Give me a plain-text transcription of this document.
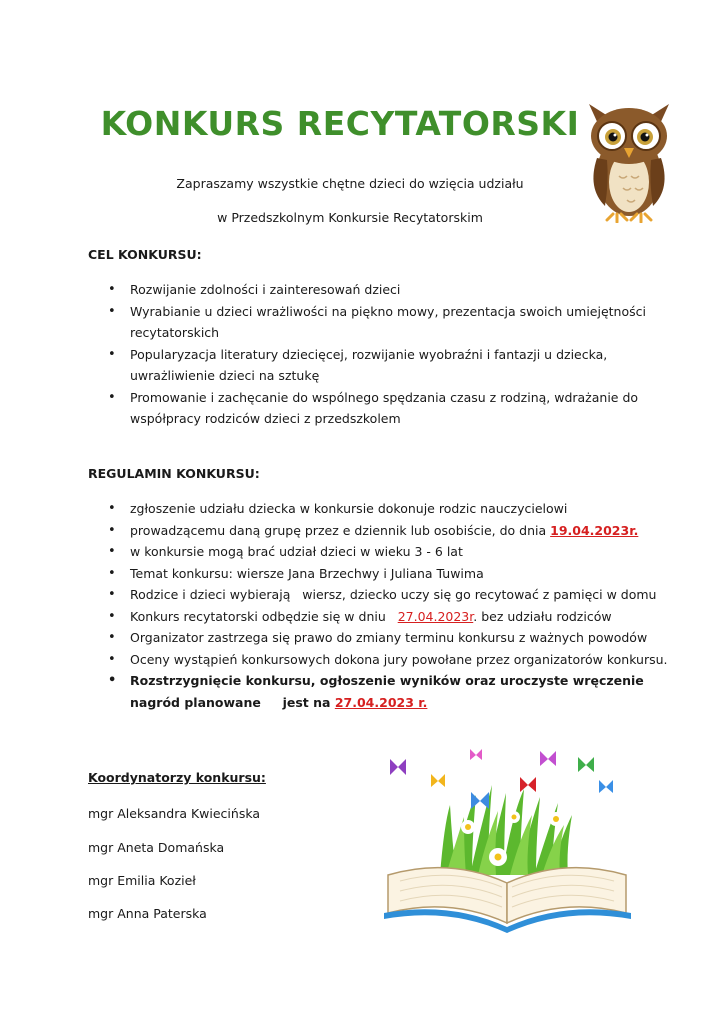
KONKURS RECYTATORSKI
Zapraszamy wszystkie chętne dzieci do wzięcia udziału
w Przedszkolnym Konkursie Recytatorskim
CEL KONKURSU:
• Rozwijanie zdolności i zainteresowań dzieci
• Wyrabianie u dzieci wrażliwości na piękno mowy, prezentacja swoich umiejętności recytatorskich
• Popularyzacja literatury dziecięcej, rozwijanie wyobraźni i fantazji u dziecka, uwrażliwienie dzieci na sztukę
• Promowanie i zachęcanie do wspólnego spędzania czasu z rodziną, wdrażanie do współpracy rodziców dzieci z przedszkolem
REGULAMIN KONKURSU:
• zgłoszenie udziału dziecka w konkursie dokonuje rodzic nauczycielowi
• prowadzącemu daną grupę przez e dziennik lub osobiście, do dnia 19.04.2023r.
• w konkursie mogą brać udział dzieci w wieku 3 - 6 lat
• Temat konkursu: wiersze Jana Brzechwy i Juliana Tuwima
• Rodzice i dzieci wybierają   wiersz, dziecko uczy się go recytować z pamięci w domu
• Konkurs recytatorski odbędzie się w dniu   27.04.2023r. bez udziału rodziców
• Organizator zastrzega się prawo do zmiany terminu konkursu z ważnych powodów
• Oceny wystąpień konkursowych dokona jury powołane przez organizatorów konkursu.
• Rozstrzygnięcie konkursu, ogłoszenie wyników oraz uroczyste wręczenie nagród planowane     jest na 27.04.2023 r.
Koordynatorzy konkursu:
mgr Aleksandra Kwiecińska
mgr Aneta Domańska
mgr Emilia Kozieł
mgr Anna Paterska
